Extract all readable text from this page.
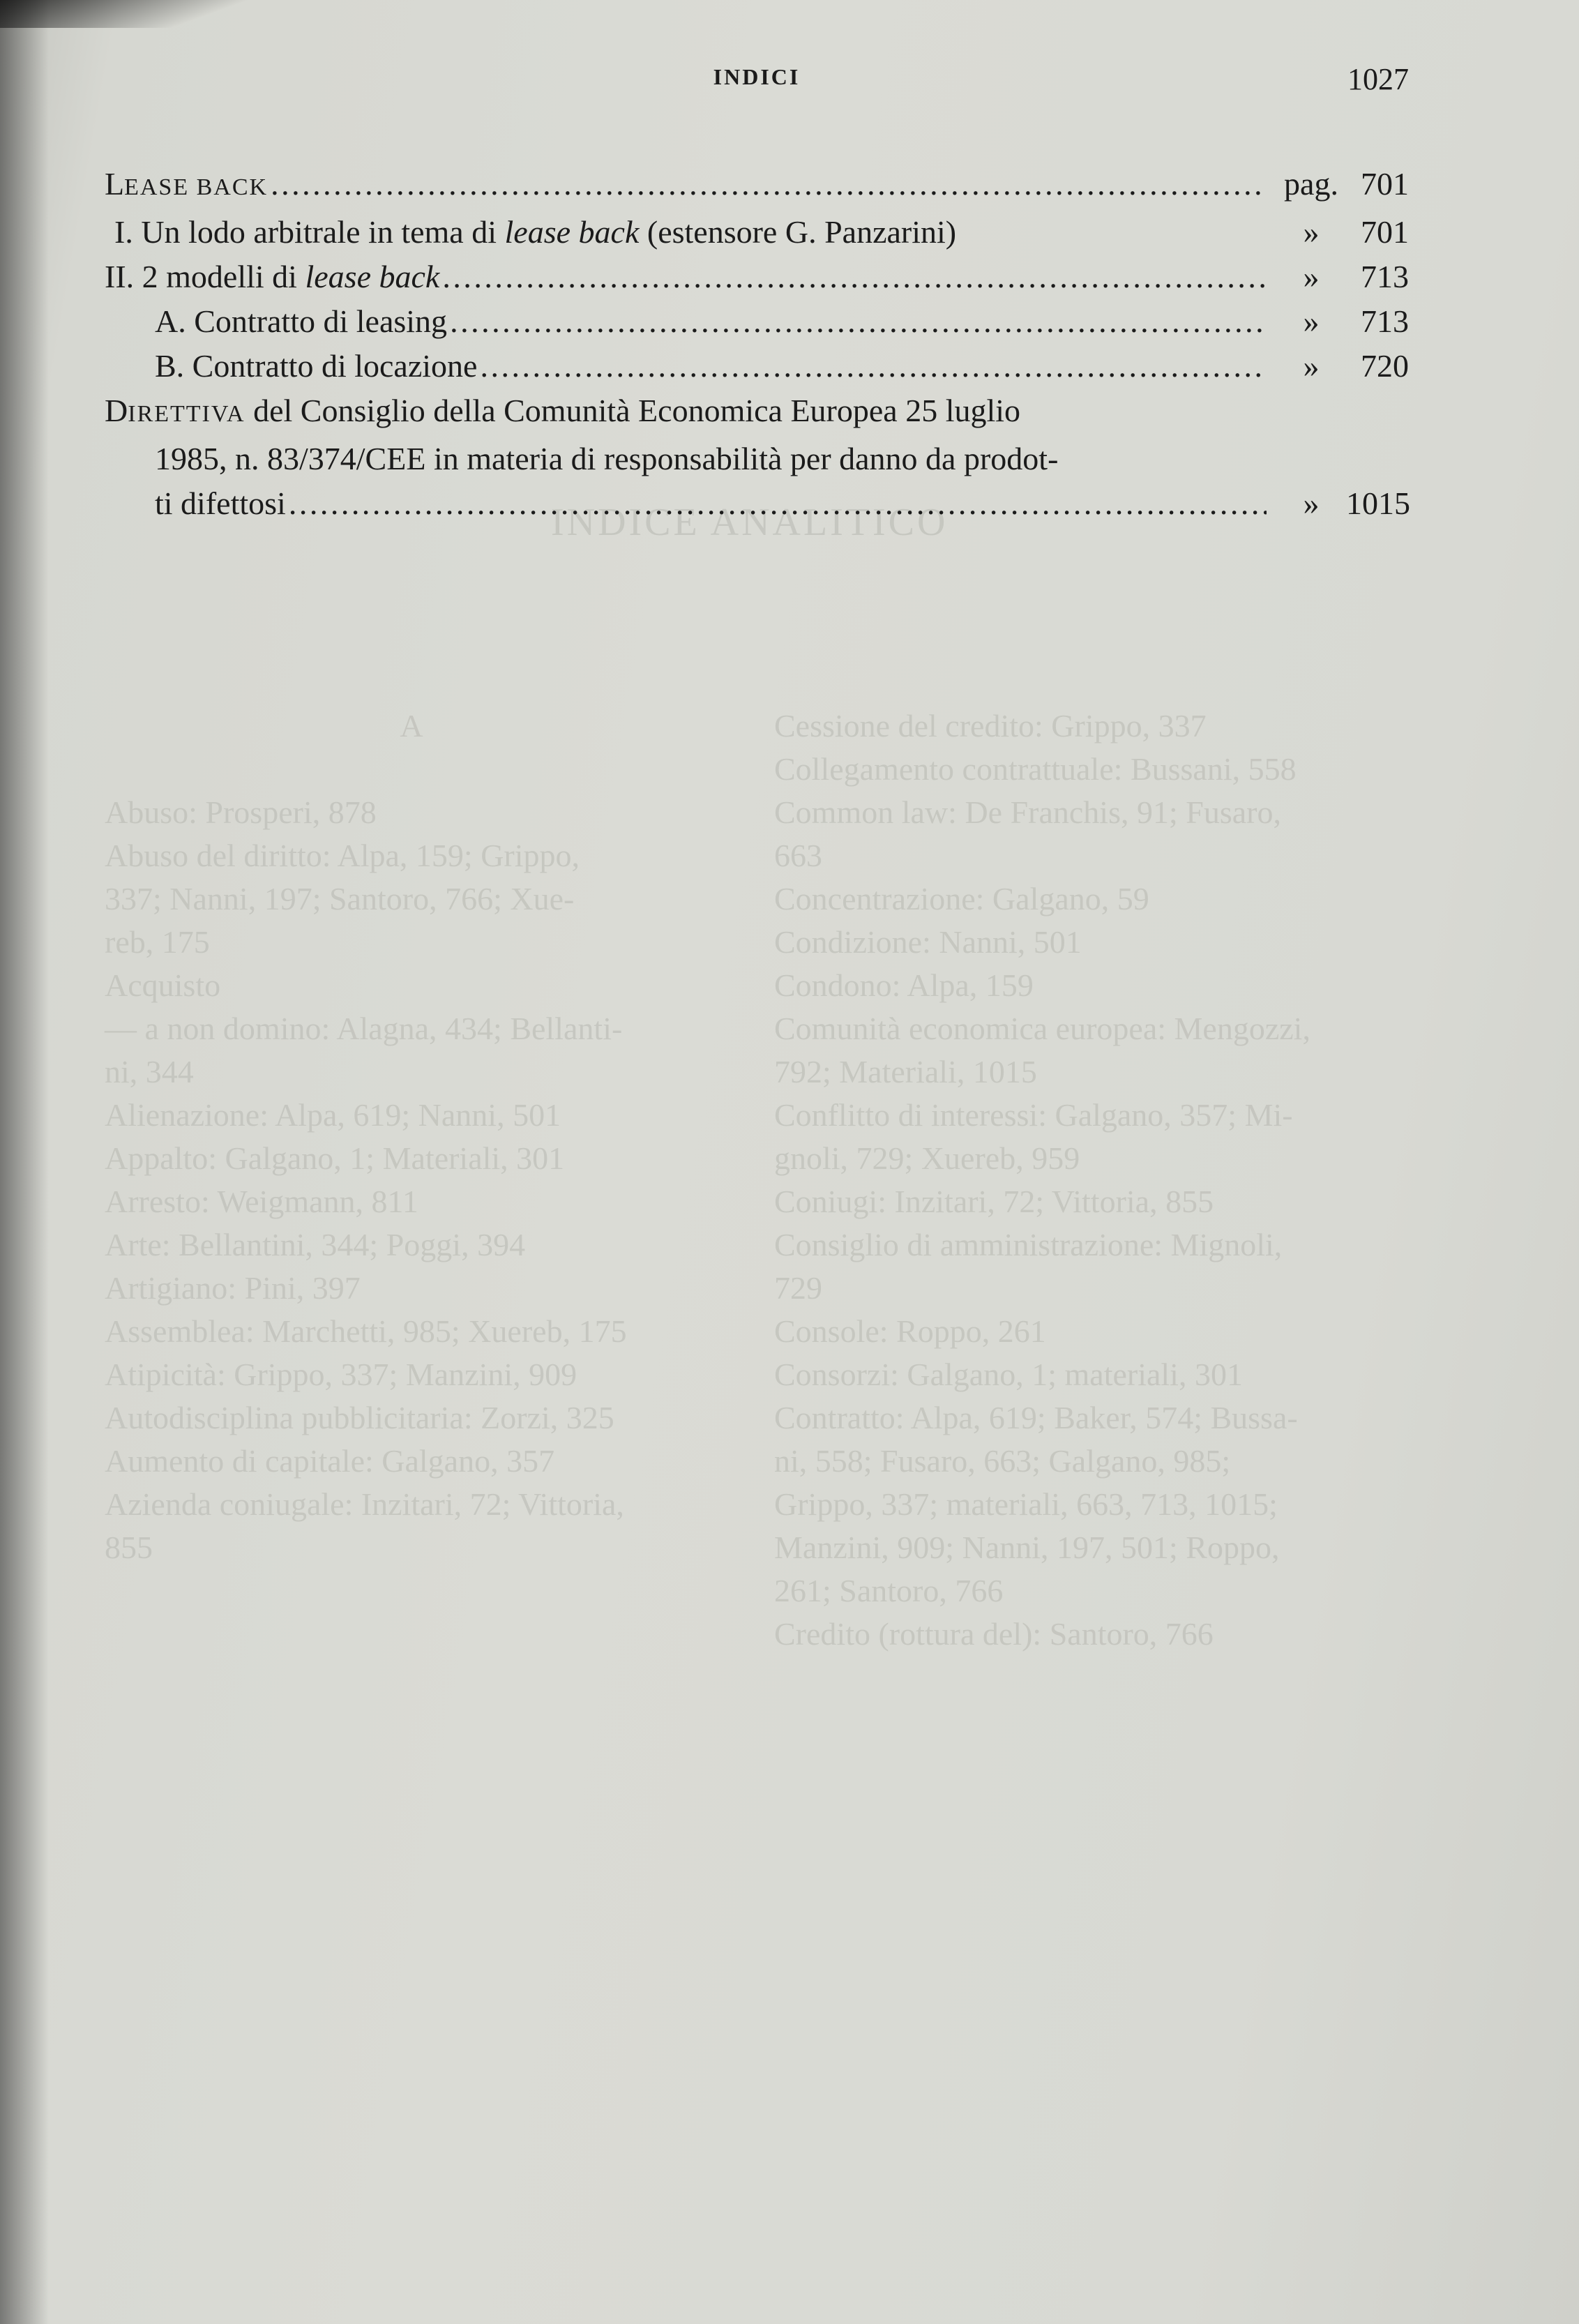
INDICE ANALITICO
A
Abuso: Prosperi, 878
Abuso del diritto: Alpa, 159; Grippo,
337; Nanni, 197; Santoro, 766; Xue-
reb, 175
Acquisto
— a non domino: Alagna, 434; Bellanti-
ni, 344
Alienazione: Alpa, 619; Nanni, 501
Appalto: Galgano, 1; Materiali, 301
Arresto: Weigmann, 811
Arte: Bellantini, 344; Poggi, 394
Artigiano: Pini, 397
Assemblea: Marchetti, 985; Xuereb, 175
Atipicità: Grippo, 337; Manzini, 909
Autodisciplina pubblicitaria: Zorzi, 325
Aumento di capitale: Galgano, 357
Azienda coniugale: Inzitari, 72; Vittoria,
855
Cessione del credito: Grippo, 337
Collegamento contrattuale: Bussani, 558
Common law: De Franchis, 91; Fusaro,
663
Concentrazione: Galgano, 59
Condizione: Nanni, 501
Condono: Alpa, 159
Comunità economica europea: Mengozzi,
792; Materiali, 1015
Conflitto di interessi: Galgano, 357; Mi-
gnoli, 729; Xuereb, 959
Coniugi: Inzitari, 72; Vittoria, 855
Consiglio di amministrazione: Mignoli,
729
Console: Roppo, 261
Consorzi: Galgano, 1; materiali, 301
Contratto: Alpa, 619; Baker, 574; Bussa-
ni, 558; Fusaro, 663; Galgano, 985;
Grippo, 337; materiali, 663, 713, 1015;
Manzini, 909; Nanni, 197, 501; Roppo,
261; Santoro, 766
Credito (rottura del): Santoro, 766
INDICI	1027
LEASE BACK . . .	pag. 701
I. Un lodo arbitrale in tema di lease back (estensore G. Panzarini)	»	701
II. 2 modelli di lease back . . .	»	713
A. Contratto di leasing . . .	»	713
B. Contratto di locazione . . .	»	720
DIRETTIVA del Consiglio della Comunità Economica Europea 25 luglio
1985, n. 83/374/CEE in materia di responsabilità per danno da prodot-
ti difettosi . . .	» 1015
